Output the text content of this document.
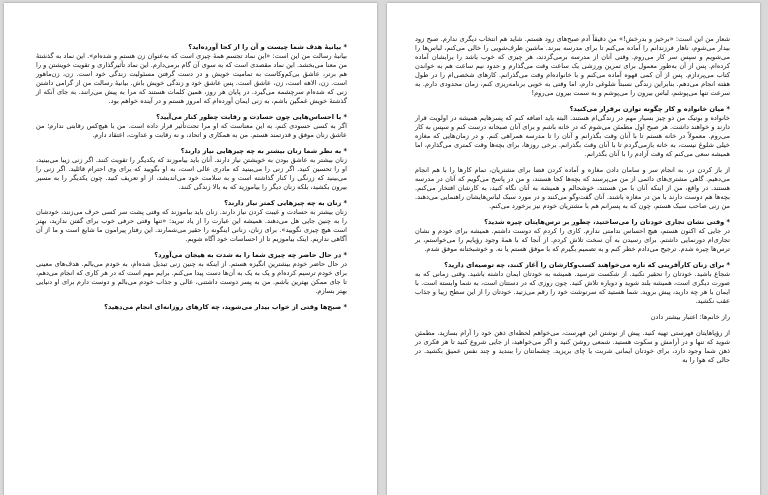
* بیانیهٔ هدف شما چیست و آن را از کجا آورده‌اید؟
بیانیهٔ رسالت من این است: «این نماد تجسم همهٔ چیزی است که به‌عنوان زن هستم و شده‌ام». این نماد به گذشتهٔ من معنا می‌بخشد. این نماد مقصدی است که به سوی آن گام برمی‌دارم. این نماد تأثیرگذاری و تقویت خویشتن و را هم برتر، عاشق بی‌کم‌وکاست به تمامیت خویش و در دست گرفتن مسئولیت زندگی خود است. زن، زن‌ماهور است. زن، الاهه است، زن، عاشق است. پس عاشق خود و زندگی خویش باش. بیانیهٔ رسالت من از گرامی داشتن زنی که شده‌ام سرچشمه می‌گیرد. در پایان هر روز، همین کلمات هستند که مرا به پیش می‌رانند. به جای آنکه از گذشتهٔ خویش غمگین باشم، به زنی ایمان آورده‌ام که امروز هستم و در آینده خواهم بود.
* با احساس‌هایی چون حسادت و رقابت چطور کنار می‌آیید؟
اگر به کسی حسودی کنم، به این معناست که او مرا تحت‌تأثیر قرار داده است. من با هیچ‌کس رقابتی ندارم؛ من عاشق زنان موفق و قدرتمند هستم. من به همکاری و اتحاد، و نه رقابت و عداوت، اعتقاد دارم.
* به نظر شما زنان بیشتر به چه چیز‌هایی نیاز دارند؟
زنان بیشتر به عاشق بودن به خویشتن نیاز دارند. آنان باید بیاموزند که یکدیگر را تقویت کنند. اگر زنی زیبا می‌بینید، او را تحسین کنید. اگر زنی را می‌بینید که مادری عالی است، به او بگویید که برای وی احترام قائلید. اگر زنی را می‌بینید که زرنگی را کنار گذاشته است و به سلامت خود می‌اندیشد، از او تعریف کنید. چون یکدیگر را به مسیر بیرون بکشید، بلکه زنان دیگر را بیاموزید که به بالا زندگی کنند.
* زنان به چه چیز‌هایی کمتر نیاز دارند؟
زنان بیشتر به حسادت و غیبت کردن نیاز دارند. زنان باید بیاموزند که وقتی پشت سر کسی حرف می‌زنند، خودشان را به چنین جایی هل می‌دهند. همیشه این عبارت را از یاد نبرید: «تنها وقتی حرفی خوب برای گفتن ندارید، بهتر است هیچ چیزی نگویید». برای زنان، زنانی اینگونه را حقیر می‌شمارند. این رفتار پیرامون ما شایع است و ما از آن آگاهی نداریم. اینک بیاموزیم تا از احساسات خود آگاه شویم.
* در حال حاضر چه چیزی شما را به شدت به هیجان می‌آورد؟
در حال حاضر خودم بیشترین انگیزه هستم. از اینکه به چنین زنی تبدیل شده‌ام، به خودم می‌بالم. هدف‌های معینی برای خودم ترسیم کرده‌ام و یک به یک به آن‌ها دست پیدا می‌کنم. برایم مهم است که در هر کاری که انجام می‌دهم، تا جای ممکن بهترین باشم. من به پسر دوست داشتنی، عالی و جذاب خودم می‌بالم و دوست دارم برای او دنیایی بهتر بسازم.
* صبح‌ها وقتی از خواب بیدار می‌شوید، چه کارهای روزانه‌ای انجام می‌دهید؟
شعار من این است: «برخیز و بدرخش!» من دقیقاً آدم صبح‌های زود هستم. شاید هم انتخاب دیگری ندارم. صبح زود بیدار می‌شوم، ناهار فرزندانم را آماده می‌کنم تا برای مدرسه ببرند. ماشین ظرف‌شویی را خالی می‌کنم، لباس‌ها را می‌شویم و سپس سر کار می‌روم. وقتی آنان از مدرسه برمی‌گردند، هر چیزی که خوب باشد را برایشان آماده کرده‌ام. پس از آن به‌طور معمول برای تمرین ورزشی یک ساعت وقت می‌گذارم و حدود نیم ساعت هم به خواندن کتاب می‌پردازم. پس از آن کمی قهوه آماده می‌کنم و با خانواده‌ام وقت می‌گذرانم. کارهای شخصی‌ام را در طول هفته انجام می‌دهم. بنابراین زندگی نسبتاً شلوغی دارم، اما وقتی به خوبی برنامه‌ریزی کنم، زمان محدودی دارم. به سرعت تنها می‌پوشم، لباس بیرون را می‌پوشم و به سمت بیرون می‌روم!
* میان خانواده و کار چگونه توازن برقرار می‌کنید؟
خانواده و بوتیک من دو چیز بسیار مهم در زندگی‌ام هستند. البته باید اضافه کنم که پسرهایم همیشه در اولویت قرار دارند و خواهند داشت. هر صبح اول مطمئن می‌شوم که در خانه باشم و برای آنان صبحانه درست کنم و سپس به کار می‌روم. معمولاً در خانه هستم تا با آنان وقت بگذرانم و آنان را تا مدرسه همراهی کنم. و در زمان‌هایی که مغازه خیلی شلوغ نیست، به خانه بازمی‌گردم تا با آنان وقت بگذرانم. برخی روزها، برای بچه‌ها وقت کمتری می‌گذارم، اما همیشه سعی می‌کنم که وقت آزادم را با آنان بگذرانم.
از باز کردن در، به انجام سر و سامان دادن مغازه و آماده کردن فضا برای مشتریان، تمام کارها را با هم انجام می‌دهیم. گاهی مشتری‌های دائمی از من می‌پرسند که بچه‌ها کجا هستند، و من در پاسخ می‌گویم که آنان در مدرسه هستند. در واقع، من از اینکه آنان با من هستند، خوشحالم و همیشه به آنان نگاه کنید، به کارشان افتخار می‌کنم. بچه‌ها هم دوست دارند با من در مغازه باشند. آنان گفت‌وگو می‌کنند و در مورد سبک لباس‌هایشان راهنمایی می‌دهند. من زنی صاحب سبک هستم، چون که به پسرانم هم با مشتریان خودم نیز برخورد می‌کنم.
* وقتی نشان تجاری خودتان را می‌ساختید، چطور بر ترس‌هایتان چیره شدید؟
در جایی که اکنون هستم، هیچ احساس ندامتی ندارم. کاری را کردم که دوست داشتم. همیشه برای خودم و نشان تجاری‌ام دورنمایی داشتم. برای رسیدن به آن سخت تلاش کردم. از آنجا که با همهٔ وجود رؤیایم را می‌خواستم، بر ترس‌ها چیره شدم. ترجیح می‌دادم خطر کنم و به تصمیم بگیرم که با موفق هستم یا نه. و خوشبختانه موفق شدم.
* برای زنان کارآفرینی که تازه می‌خواهند کسب‌وکارشان را آغاز کنند، چه توصیه‌ای دارید؟
شجاع باشید. خودتان را تحقیر نکنید. از شکست نترسید. همیشه به خودتان ایمان داشته باشید. وقتی زمانی که به صورت دیگری است، همیشه بلند شوید و دوباره تلاش کنید. چون روزی که در دستتان است، به شما وابسته است. با ایمان با هر چه دارید، پیش بروید. شما هستید که سرنوشت خود را رقم می‌زنید. خودتان را از این سطح زیبا و جذاب عقب نکشید.
راز خانم‌ها: اعتبار بیشتر دادن
از رؤیاهایتان فهرستی تهیه کنید. پیش از نوشتن این فهرست، می‌خواهم لحظه‌ای ذهن خود را آرام بسازید. مطمئن شوید که تنها و در آرامش و سکوت هستید. شمعی روشن کنید و اگر می‌خواهید، از جایی شروع کنید تا هر فکری در ذهن شما وجود دارد، برای خودتان ایمانی شربت یا چای بریزید. چشمانتان را ببندید و چند نفس عمیق بکشید. در حالی که هوا را به
